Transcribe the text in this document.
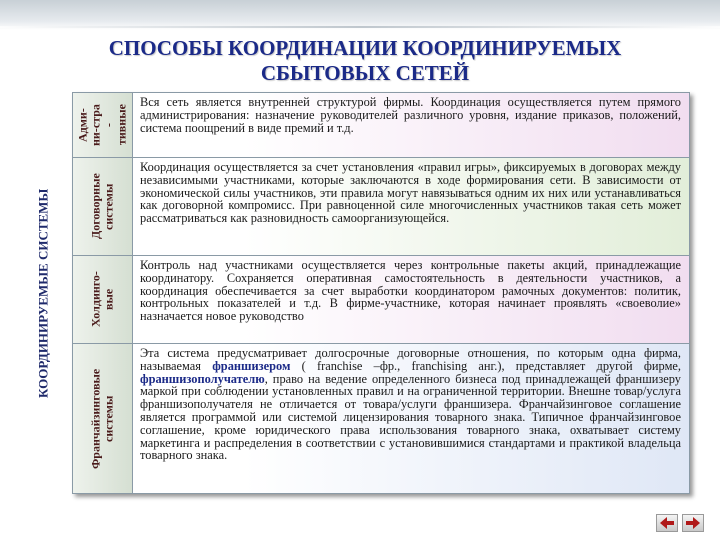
СПОСОБЫ КООРДИНАЦИИ КООРДИНИРУЕМЫХ
СБЫТОВЫХ СЕТЕЙ
КООРДИНИРУЕМЫЕ СИСТЕМЫ
Адми-
ни-стра
-
тивные
Вся сеть является внутренней структурой фирмы. Координация осуществляется путем прямого администрирования: назначение руководителей различного уровня, издание приказов, положений, система поощрений в виде премий и т.д.
Договорные
системы
Координация осуществляется за счет установления «правил игры», фиксируемых в договорах между независимыми участниками, которые заключаются в ходе формирования сети. В зависимости от экономической силы участников, эти правила могут навязываться одним их них или устанавливаться как договорной компромисс. При равноценной силе многочисленных участников такая сеть может рассматриваться как разновидность самоорганизующейся.
Холдинго-
вые
Контроль над участниками осуществляется через контрольные пакеты акций, принадлежащие координатору. Сохраняется оперативная самостоятельность в деятельности участников, а координация обеспечивается за счет выработки координатором рамочных документов: политик, контрольных показателей и т.д. В фирме-участнике, которая начинает проявлять «своеволие» назначается новое руководство
Франчайзинговые
системы
Эта система предусматривает долгосрочные договорные отношения, по которым одна фирма, называемая франшизером ( franchise –фр., franchising анг.), представляет другой фирме, франшизополучателю, право на ведение определенного бизнеса под принадлежащей франшизеру маркой при соблюдении установленных правил и на ограниченной территории. Внешне товар/услуга франшизополучателя не отличается от товара/услуги франшизера. Франчайзинговое соглашение является программой или системой лицензирования товарного знака. Типичное франчайзинговое соглашение, кроме юридического права использования товарного знака, охватывает систему маркетинга и распределения в соответствии с установившимися стандартами и практикой владельца товарного знака.
